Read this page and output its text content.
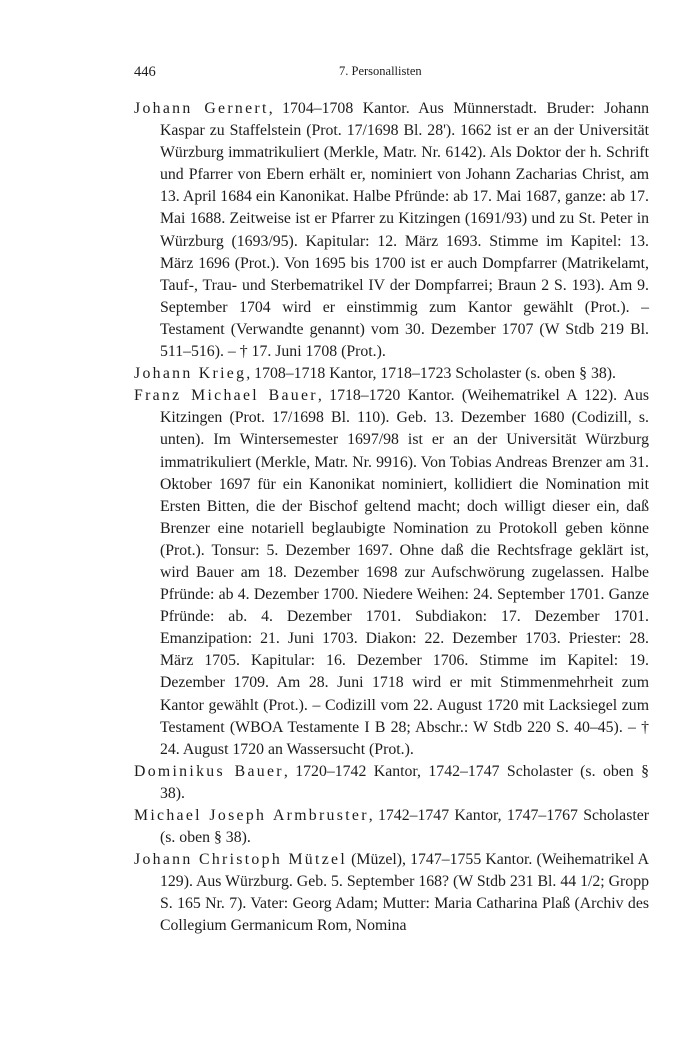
446	7. Personallisten

Johann Gernert, 1704–1708 Kantor. Aus Münnerstadt. Bruder: Johann Kaspar zu Staffelstein (Prot. 17/1698 Bl. 28'). 1662 ist er an der Universität Würzburg immatrikuliert (Merkle, Matr. Nr. 6142). Als Doktor der h. Schrift und Pfarrer von Ebern erhält er, nominiert von Johann Zacharias Christ, am 13. April 1684 ein Kanonikat. Halbe Pfründe: ab 17. Mai 1687, ganze: ab 17. Mai 1688. Zeitweise ist er Pfarrer zu Kitzingen (1691/93) und zu St. Peter in Würzburg (1693/95). Kapitular: 12. März 1693. Stimme im Kapitel: 13. März 1696 (Prot.). Von 1695 bis 1700 ist er auch Dompfarrer (Matrikelamt, Tauf-, Trau- und Sterbematrikel IV der Dompfarrei; Braun 2 S. 193). Am 9. September 1704 wird er einstimmig zum Kantor gewählt (Prot.). – Testament (Verwandte genannt) vom 30. Dezember 1707 (W Stdb 219 Bl. 511–516). – † 17. Juni 1708 (Prot.).

Johann Krieg, 1708–1718 Kantor, 1718–1723 Scholaster (s. oben § 38).

Franz Michael Bauer, 1718–1720 Kantor. (Weihematrikel A 122). Aus Kitzingen (Prot. 17/1698 Bl. 110). Geb. 13. Dezember 1680 (Codizill, s. unten). Im Wintersemester 1697/98 ist er an der Universität Würzburg immatrikuliert (Merkle, Matr. Nr. 9916). Von Tobias Andreas Brenzer am 31. Oktober 1697 für ein Kanonikat nominiert, kollidiert die Nomination mit Ersten Bitten, die der Bischof geltend macht; doch willigt dieser ein, daß Brenzer eine notariell beglaubigte Nomination zu Protokoll geben könne (Prot.). Tonsur: 5. Dezember 1697. Ohne daß die Rechtsfrage geklärt ist, wird Bauer am 18. Dezember 1698 zur Aufschwörung zugelassen. Halbe Pfründe: ab 4. Dezember 1700. Niedere Weihen: 24. September 1701. Ganze Pfründe: ab. 4. Dezember 1701. Subdiakon: 17. Dezember 1701. Emanzipation: 21. Juni 1703. Diakon: 22. Dezember 1703. Priester: 28. März 1705. Kapitular: 16. Dezember 1706. Stimme im Kapitel: 19. Dezember 1709. Am 28. Juni 1718 wird er mit Stimmenmehrheit zum Kantor gewählt (Prot.). – Codizill vom 22. August 1720 mit Lacksiegel zum Testament (WBOA Testamente I B 28; Abschr.: W Stdb 220 S. 40–45). – † 24. August 1720 an Wassersucht (Prot.).

Dominikus Bauer, 1720–1742 Kantor, 1742–1747 Scholaster (s. oben § 38).

Michael Joseph Armbruster, 1742–1747 Kantor, 1747–1767 Scholaster (s. oben § 38).

Johann Christoph Mützel (Müzel), 1747–1755 Kantor. (Weihematrikel A 129). Aus Würzburg. Geb. 5. September 168? (W Stdb 231 Bl. 44 1/2; Gropp S. 165 Nr. 7). Vater: Georg Adam; Mutter: Maria Catharina Plaß (Archiv des Collegium Germanicum Rom, Nomina
